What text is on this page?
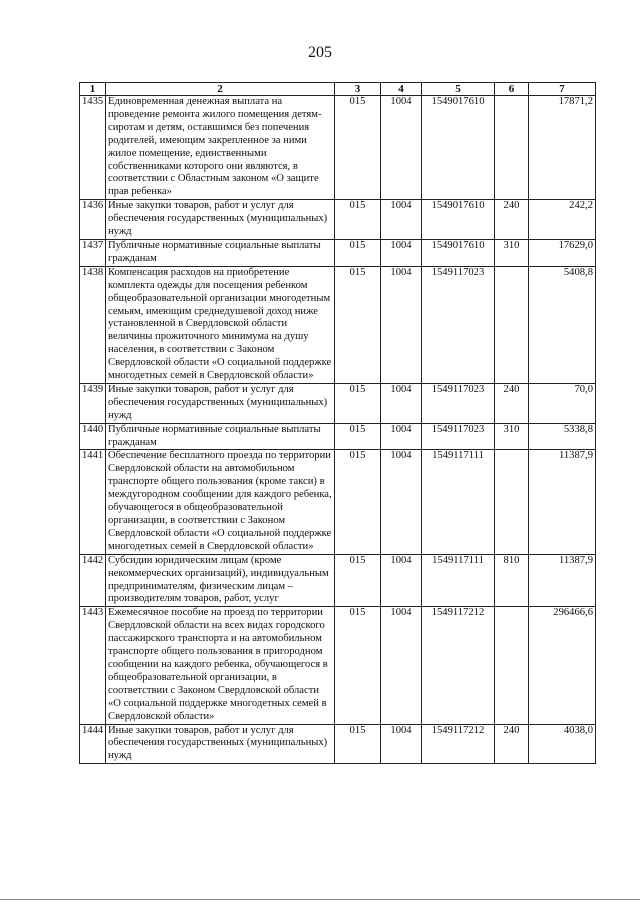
205
1	2	3	4	5	6	7
1435	Единовременная денежная выплата на проведение ремонта жилого помещения детям-сиротам и детям, оставшимся без попечения родителей, имеющим закрепленное за ними жилое помещение, единственными собственниками которого они являются, в соответствии с Областным законом «О защите прав ребенка»	015	1004	1549017610		17871,2
1436	Иные закупки товаров, работ и услуг для обеспечения государственных (муниципальных) нужд	015	1004	1549017610	240	242,2
1437	Публичные нормативные социальные выплаты гражданам	015	1004	1549017610	310	17629,0
1438	Компенсация расходов на приобретение комплекта одежды для посещения ребенком общеобразовательной организации многодетным семьям, имеющим среднедушевой доход ниже установленной в Свердловской области величины прожиточного минимума на душу населения, в соответствии с Законом Свердловской области «О социальной поддержке многодетных семей в Свердловской области»	015	1004	1549117023		5408,8
1439	Иные закупки товаров, работ и услуг для обеспечения государственных (муниципальных) нужд	015	1004	1549117023	240	70,0
1440	Публичные нормативные социальные выплаты гражданам	015	1004	1549117023	310	5338,8
1441	Обеспечение бесплатного проезда по территории Свердловской области на автомобильном транспорте общего пользования (кроме такси) в междугородном сообщении для каждого ребенка, обучающегося в общеобразовательной организации, в соответствии с Законом Свердловской области «О социальной поддержке многодетных семей в Свердловской области»	015	1004	1549117111		11387,9
1442	Субсидии юридическим лицам (кроме некоммерческих организаций), индивидуальным предпринимателям, физическим лицам – производителям товаров, работ, услуг	015	1004	1549117111	810	11387,9
1443	Ежемесячное пособие на проезд по территории Свердловской области на всех видах городского пассажирского транспорта и на автомобильном транспорте общего пользования в пригородном сообщении на каждого ребенка, обучающегося в общеобразовательной организации, в соответствии с Законом Свердловской области «О социальной поддержке многодетных семей в Свердловской области»	015	1004	1549117212		296466,6
1444	Иные закупки товаров, работ и услуг для обеспечения государственных (муниципальных) нужд	015	1004	1549117212	240	4038,0
